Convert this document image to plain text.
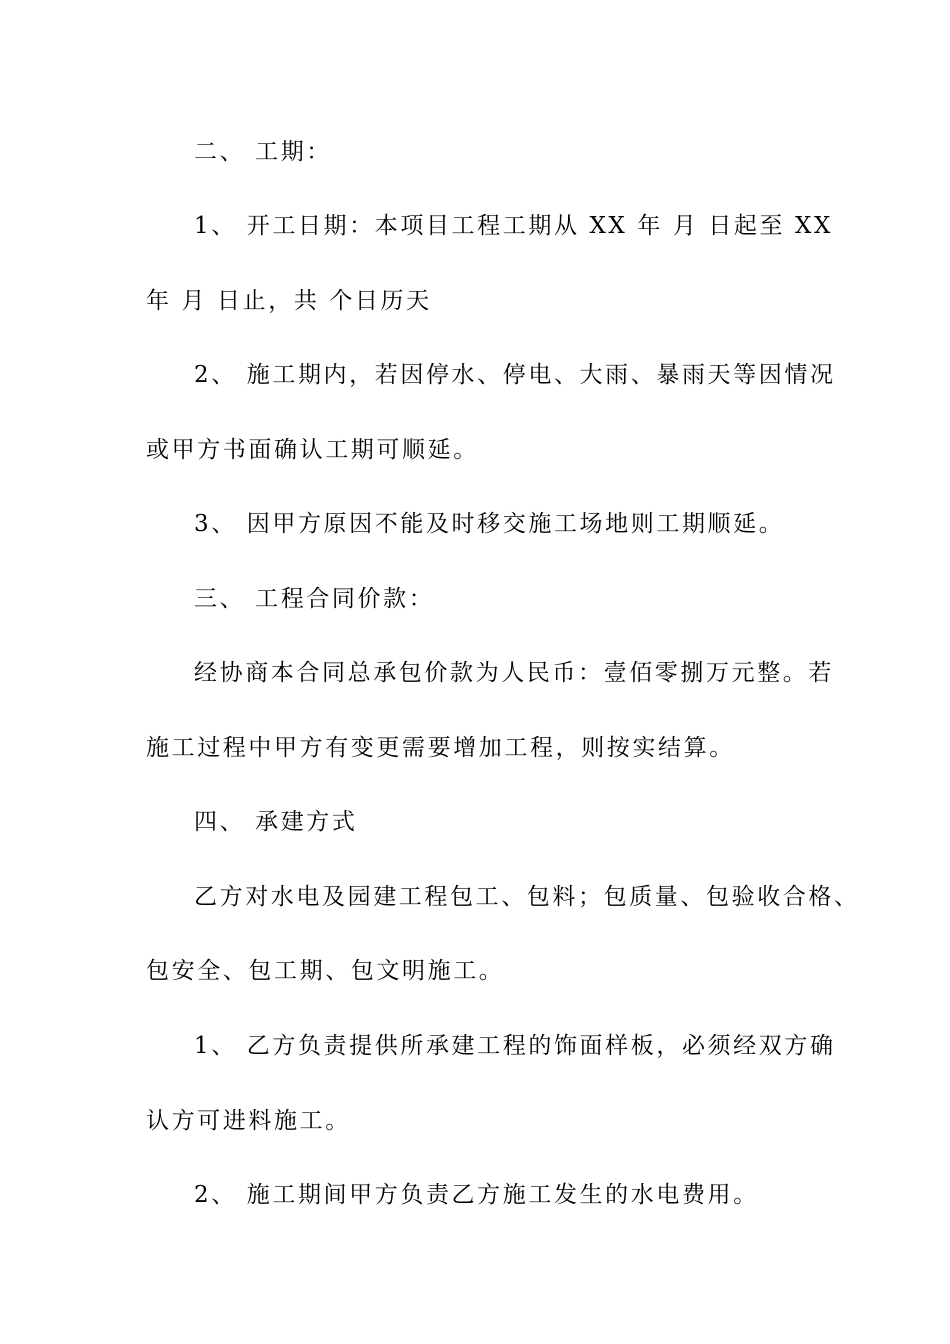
二、 工期：
1、 开工日期：本项目工程工期从 XX 年 月 日起至 XX
年 月 日止，共 个日历天
2、 施工期内，若因停水、停电、大雨、暴雨天等因情况
或甲方书面确认工期可顺延。
3、 因甲方原因不能及时移交施工场地则工期顺延。
三、 工程合同价款：
经协商本合同总承包价款为人民币：壹佰零捌万元整。若
施工过程中甲方有变更需要增加工程，则按实结算。
四、 承建方式
乙方对水电及园建工程包工、包料；包质量、包验收合格、
包安全、包工期、包文明施工。
1、 乙方负责提供所承建工程的饰面样板，必须经双方确
认方可进料施工。
2、 施工期间甲方负责乙方施工发生的水电费用。
